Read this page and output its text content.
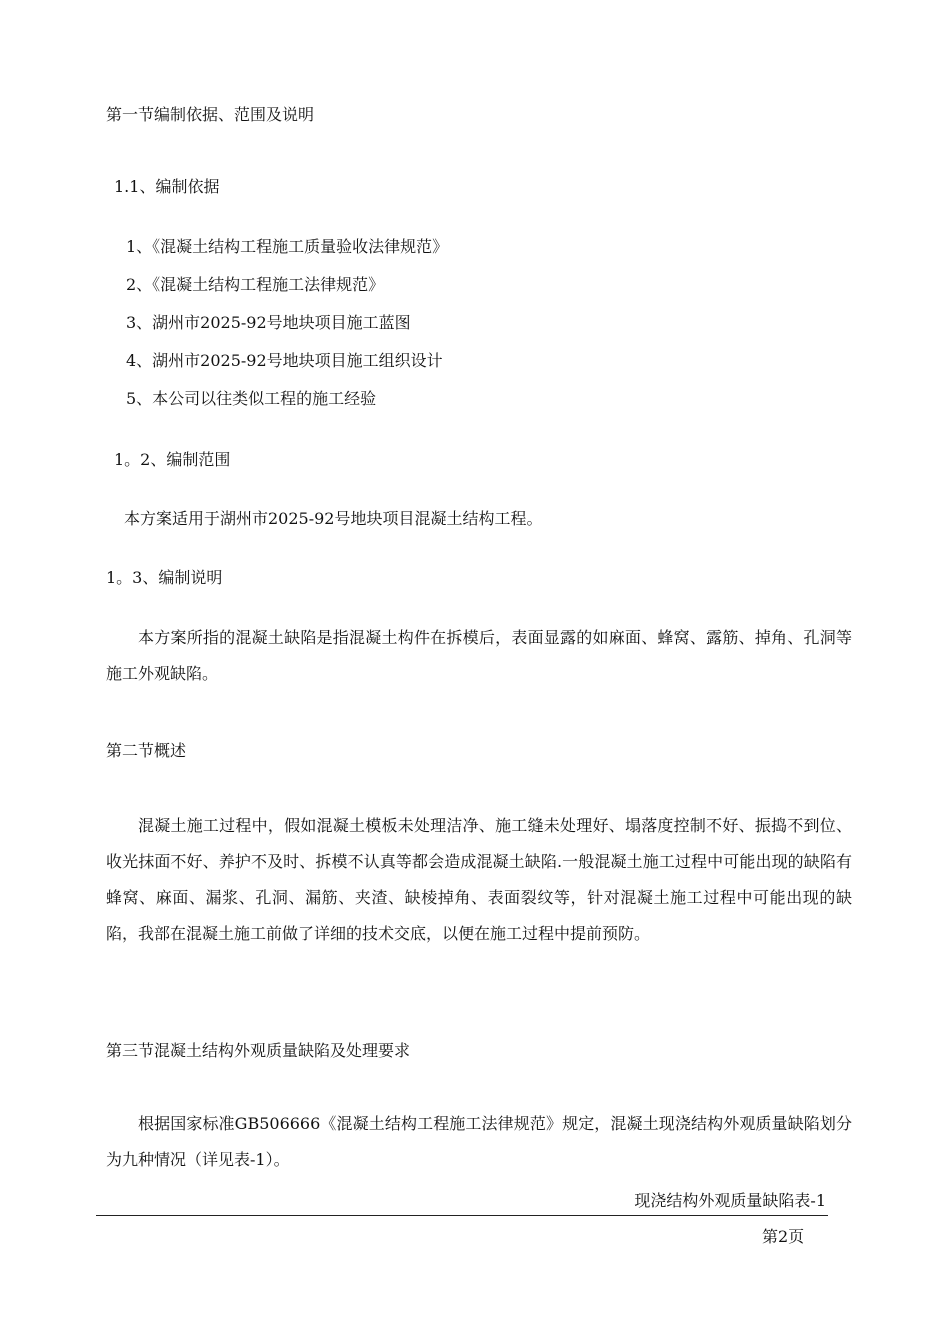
第一节编制依据、范围及说明
1.1、编制依据
1、《混凝土结构工程施工质量验收法律规范》
2、《混凝土结构工程施工法律规范》
3、湖州市2025-92号地块项目施工蓝图
4、湖州市2025-92号地块项目施工组织设计
5、本公司以往类似工程的施工经验
1。2、编制范围
本方案适用于湖州市2025-92号地块项目混凝土结构工程。
1。3、编制说明
本方案所指的混凝土缺陷是指混凝土构件在拆模后，表面显露的如麻面、蜂窝、露筋、掉角、孔洞等施工外观缺陷。
第二节概述
混凝土施工过程中，假如混凝土模板未处理洁净、施工缝未处理好、塌落度控制不好、振捣不到位、收光抹面不好、养护不及时、拆模不认真等都会造成混凝土缺陷.一般混凝土施工过程中可能出现的缺陷有蜂窝、麻面、漏浆、孔洞、漏筋、夹渣、缺棱掉角、表面裂纹等，针对混凝土施工过程中可能出现的缺陷，我部在混凝土施工前做了详细的技术交底，以便在施工过程中提前预防。
第三节混凝土结构外观质量缺陷及处理要求
根据国家标准GB506666《混凝土结构工程施工法律规范》规定，混凝土现浇结构外观质量缺陷划分为九种情况（详见表-1）。
现浇结构外观质量缺陷表-1
第2页
